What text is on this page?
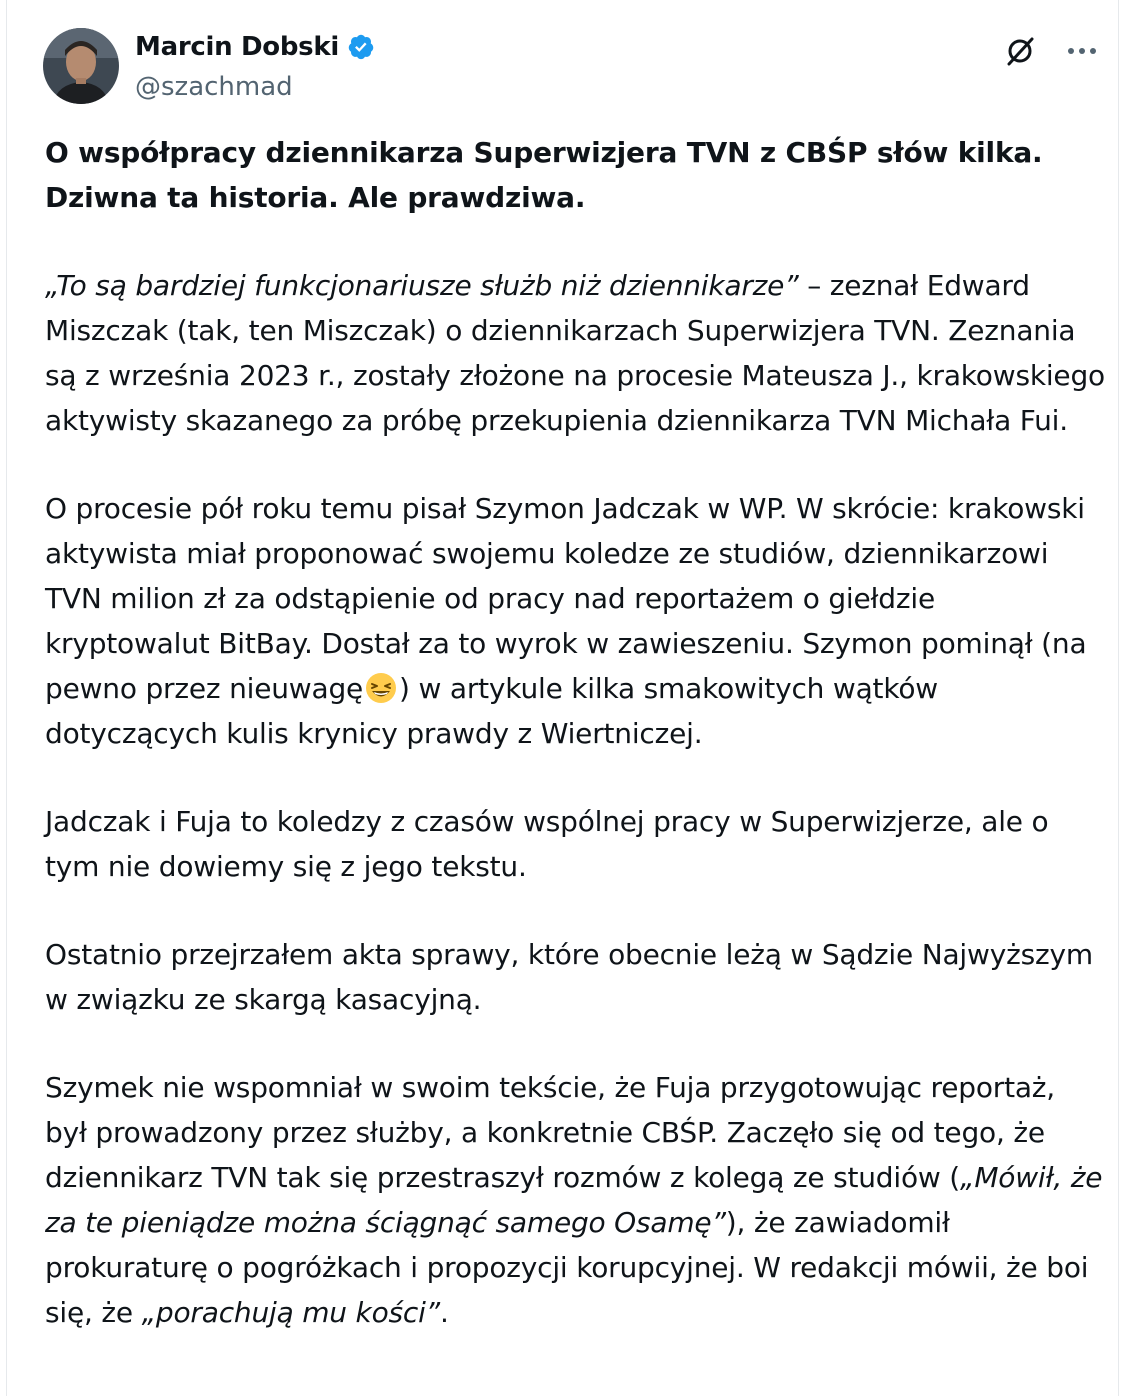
Marcin Dobski
@szachmad

O współpracy dziennikarza Superwizjera TVN z CBŚP słów kilka.
Dziwna ta historia. Ale prawdziwa.

„To są bardziej funkcjonariusze służb niż dziennikarze” – zeznał Edward Miszczak (tak, ten Miszczak) o dziennikarzach Superwizjera TVN. Zeznania są z września 2023 r., zostały złożone na procesie Mateusza J., krakowskiego aktywisty skazanego za próbę przekupienia dziennikarza TVN Michała Fui.

O procesie pół roku temu pisał Szymon Jadczak w WP. W skrócie: krakowski aktywista miał proponować swojemu koledze ze studiów, dziennikarzowi TVN milion zł za odstąpienie od pracy nad reportażem o giełdzie kryptowalut BitBay. Dostał za to wyrok w zawieszeniu. Szymon pominął (na pewno przez nieuwagę ) w artykule kilka smakowitych wątków dotyczących kulis krynicy prawdy z Wiertniczej.

Jadczak i Fuja to koledzy z czasów wspólnej pracy w Superwizjerze, ale o tym nie dowiemy się z jego tekstu.

Ostatnio przejrzałem akta sprawy, które obecnie leżą w Sądzie Najwyższym w związku ze skargą kasacyjną.

Szymek nie wspomniał w swoim tekście, że Fuja przygotowując reportaż, był prowadzony przez służby, a konkretnie CBŚP. Zaczęło się od tego, że dziennikarz TVN tak się przestraszył rozmów z kolegą ze studiów („Mówił, że za te pieniądze można ściągnąć samego Osamę”), że zawiadomił prokuraturę o pogróżkach i propozycji korupcyjnej. W redakcji mówii, że boi się, że „porachują mu kości”.
